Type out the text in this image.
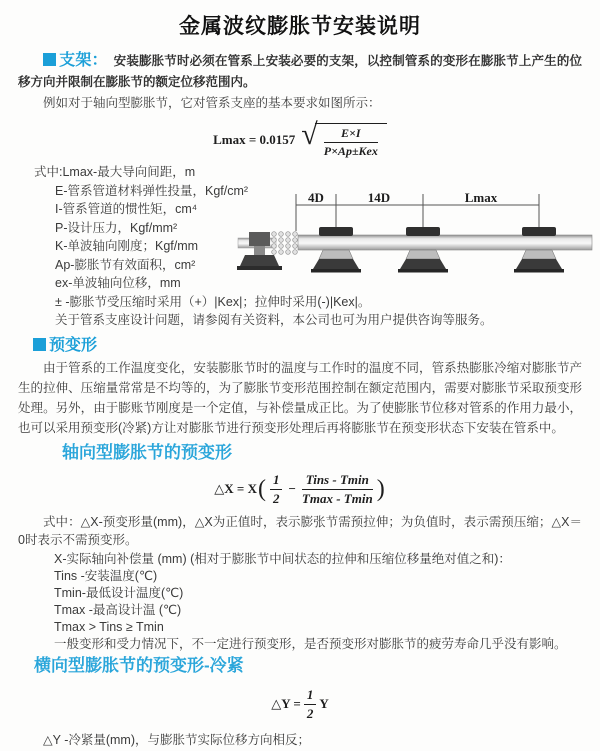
金属波纹膨胀节安装说明

支架： 安装膨胀节时必须在管系上安装必要的支架，以控制管系的变形在膨胀节上产生的位移方向并限制在膨胀节的额定位移范围内。

例如对于轴向型膨胀节，它对管系支座的基本要求如图所示：

Lmax = 0.0157 √ $\frac{E\times I}{\text{P×Ap±Kex}}$
式中:Lmax-最大导向间距，m
E-管系管道材料弹性投量，Kgf/cm²
I-管系管道的惯性矩，cm⁴
P-设计压力，Kgf/mm²
K-单波轴向刚度；Kgf/mm
Ap-膨胀节有效面积，cm²
ex-单波轴向位移，mm
± -膨胀节受压缩时采用（+）|Kex|；拉伸时采用(-)|Kex|。
关于管系支座设计问题，请参阅有关资料，本公司也可为用户提供咨询等服务。
4D	14D	Lmax
预变形

由于管系的工作温度变化，安装膨胀节时的温度与工作时的温度不同，管系热膨胀冷缩对膨胀节产生的拉伸、压缩量常常是不均等的，为了膨胀节变形范围控制在额定范围内，需要对膨胀节采取预变形处理。另外，由于膨账节刚度是一个定值，与补偿量成正比。为了使膨胀节位移对管系的作用力最小，也可以采用预变形(冷紧)方让对膨胀节进行预变形处理后再将膨胀节在预变形状态下安装在管系中。

轴向型膨胀节的预变形
△X = X ( $\frac{1}{2} - \frac{\text{Tins - Tmin}}{Tmax - Tmin}$ )

式中：△X-预变形量(mm)，△X为正值时，表示膨张节需预拉伸；为负值时，表示需预压缩；△X＝0时表示不需预变形。

X-实际轴向补偿量 (mm) (相对于膨胀节中间状态的拉伸和压缩位移量绝对值之和)：
Tins -安装温度(℃)
Tmin-最低设计温度(℃)
Tmax -最高设计温 (℃)
Tmax > Tins ≥ Tmin
一般变形和受力情况下，不一定进行预变形，是否预变形对膨胀节的疲劳寿命几乎没有影响。
横向型膨胀节的预变形-冷紧
△Y = $\frac{1}{2}$ Y

△Y -冷紧量(mm)，与膨胀节实际位移方向相反；
